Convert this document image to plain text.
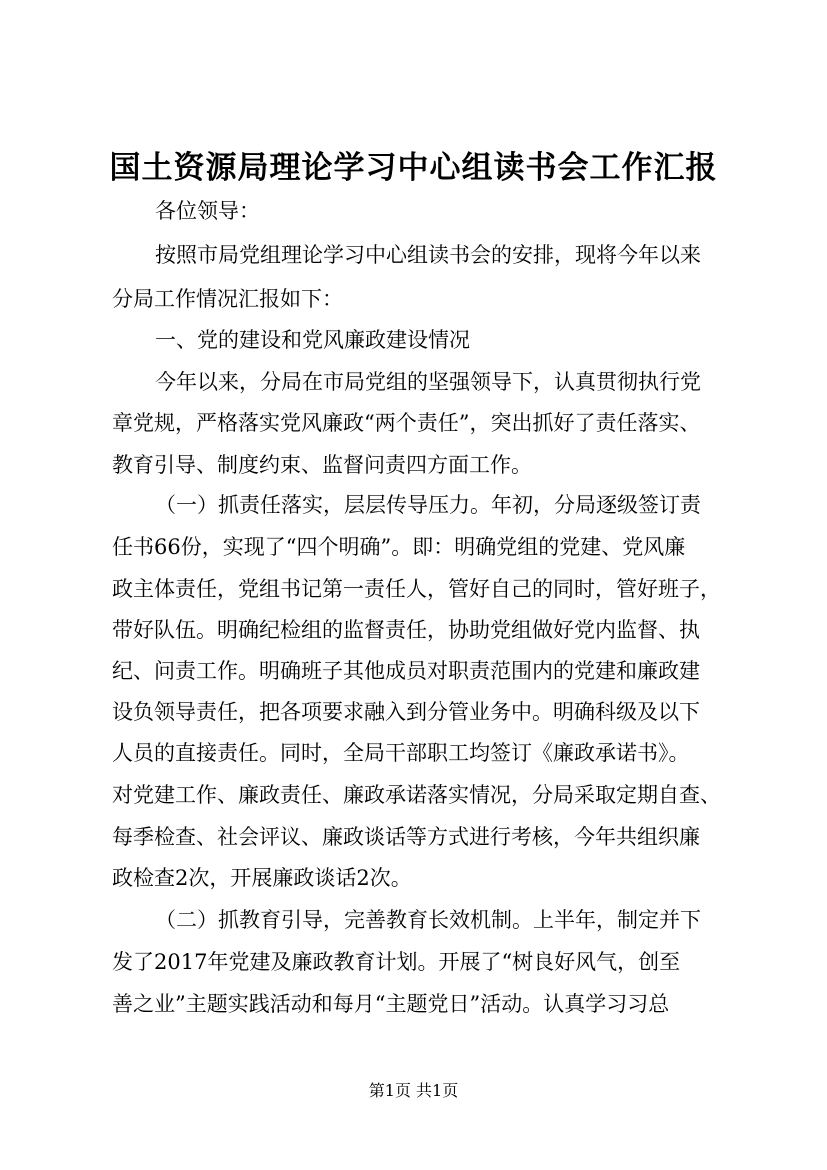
国土资源局理论学习中心组读书会工作汇报
各位领导：
按照市局党组理论学习中心组读书会的安排，现将今年以来
分局工作情况汇报如下：
一、党的建设和党风廉政建设情况
今年以来，分局在市局党组的坚强领导下，认真贯彻执行党
章党规，严格落实党风廉政“两个责任”，突出抓好了责任落实、
教育引导、制度约束、监督问责四方面工作。
（一）抓责任落实，层层传导压力。年初，分局逐级签订责
任书66份，实现了“四个明确”。即：明确党组的党建、党风廉
政主体责任，党组书记第一责任人，管好自己的同时，管好班子，
带好队伍。明确纪检组的监督责任，协助党组做好党内监督、执
纪、问责工作。明确班子其他成员对职责范围内的党建和廉政建
设负领导责任，把各项要求融入到分管业务中。明确科级及以下
人员的直接责任。同时，全局干部职工均签订《廉政承诺书》。
对党建工作、廉政责任、廉政承诺落实情况，分局采取定期自查、
每季检查、社会评议、廉政谈话等方式进行考核，今年共组织廉
政检查2次，开展廉政谈话2次。
（二）抓教育引导，完善教育长效机制。上半年，制定并下
发了2017年党建及廉政教育计划。开展了“树良好风气，创至
善之业”主题实践活动和每月“主题党日”活动。认真学习习总
第1页 共1页
